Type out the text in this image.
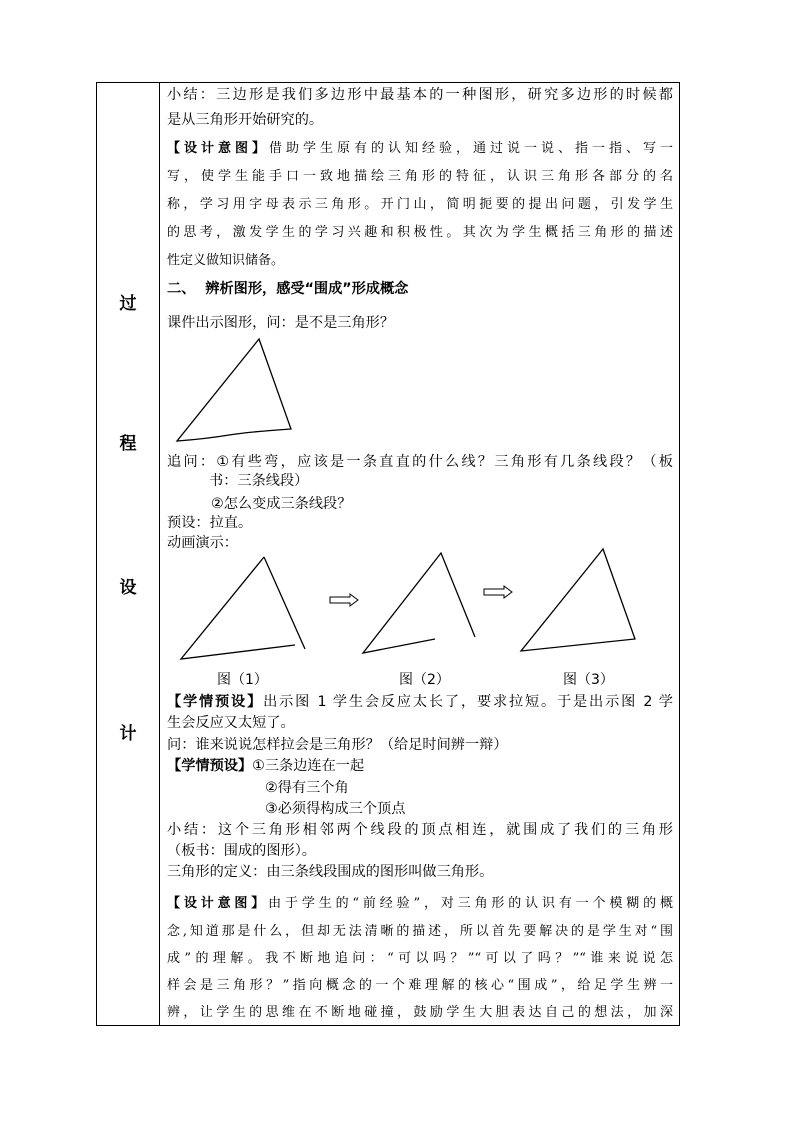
过
程
设
计
小结：三边形是我们多边形中最基本的一种图形，研究多边形的时候都
是从三角形开始研究的。
【设计意图】借助学生原有的认知经验，通过说一说、指一指、写一
写，使学生能手口一致地描绘三角形的特征，认识三角形各部分的名
称，学习用字母表示三角形。开门山，简明扼要的提出问题，引发学生
的思考，激发学生的学习兴趣和积极性。其次为学生概括三角形的描述
性定义做知识储备。
二、  辨析图形，感受“围成”形成概念
课件出示图形，问：是不是三角形？
追问：①有些弯，应该是一条直直的什么线？三角形有几条线段？（板
书：三条线段）
②怎么变成三条线段？
预设：拉直。
动画演示：
图（1）	图（2）	图（3）
【学情预设】出示图 1 学生会反应太长了，要求拉短。于是出示图 2 学
生会反应又太短了。
问：谁来说说怎样拉会是三角形？（给足时间辨一辩）
【学情预设】①三条边连在一起
②得有三个角
③必须得构成三个顶点
小结：这个三角形相邻两个线段的顶点相连，就围成了我们的三角形
（板书：围成的图形）。
三角形的定义：由三条线段围成的图形叫做三角形。
【设计意图】由于学生的“前经验”，对三角形的认识有一个模糊的概
念,知道那是什么，但却无法清晰的描述，所以首先要解决的是学生对“围
成”的理解。我不断地追问：“可以吗？”“可以了吗？”“谁来说说怎
样会是三角形？”指向概念的一个难理解的核心“围成”，给足学生辨一
辨，让学生的思维在不断地碰撞，鼓励学生大胆表达自己的想法，加深
